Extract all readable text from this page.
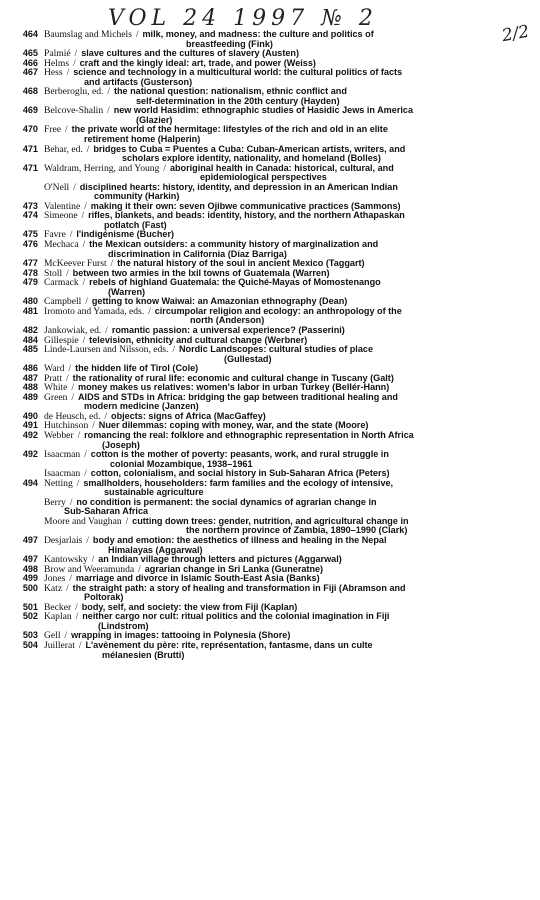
VOL 24 1997 № 2
2/2
464 Baumslag and Michels / milk, money, and madness: the culture and politics of
breastfeeding (Fink)
465 Palmié / slave cultures and the cultures of slavery (Austen)
466 Helms / craft and the kingly ideal: art, trade, and power (Weiss)
467 Hess / science and technology in a multicultural world: the cultural politics of facts
and artifacts (Gusterson)
468 Berberoglu, ed. / the national question: nationalism, ethnic conflict and
self-determination in the 20th century (Hayden)
469 Belcove-Shalin / new world Hasidim: ethnographic studies of Hasidic Jews in America
(Glazier)
470 Free / the private world of the hermitage: lifestyles of the rich and old in an elite
retirement home (Halperin)
471 Behar, ed. / bridges to Cuba = Puentes a Cuba: Cuban-American artists, writers, and
scholars explore identity, nationality, and homeland (Bolles)
471 Waldram, Herring, and Young / aboriginal health in Canada: historical, cultural, and
epidemiological perspectives
O'Nell / disciplined hearts: history, identity, and depression in an American Indian
community (Harkin)
473 Valentine / making it their own: seven Ojibwe communicative practices (Sammons)
474 Simeone / rifles, blankets, and beads: identity, history, and the northern Athapaskan
potlatch (Fast)
475 Favre / l'indigénisme (Bucher)
476 Mechaca / the Mexican outsiders: a community history of marginalization and
discrimination in California (Díaz Barriga)
477 McKeever Furst / the natural history of the soul in ancient Mexico (Taggart)
478 Stoll / between two armies in the Ixil towns of Guatemala (Warren)
479 Carmack / rebels of highland Guatemala: the Quiché-Mayas of Momostenango
(Warren)
480 Campbell / getting to know Waiwai: an Amazonian ethnography (Dean)
481 Iromoto and Yamada, eds. / circumpolar religion and ecology: an anthropology of the
north (Anderson)
482 Jankowiak, ed. / romantic passion: a universal experience? (Passerini)
484 Gillespie / television, ethnicity and cultural change (Werbner)
485 Linde-Laursen and Nilsson, eds. / Nordic Landscopes: cultural studies of place
(Gullestad)
486 Ward / the hidden life of Tirol (Cole)
487 Pratt / the rationality of rural life: economic and cultural change in Tuscany (Galt)
488 White / money makes us relatives: women's labor in urban Turkey (Bellér-Hann)
489 Green / AIDS and STDs in Africa: bridging the gap between traditional healing and
modern medicine (Janzen)
490 de Heusch, ed. / objects: signs of Africa (MacGaffey)
491 Hutchinson / Nuer dilemmas: coping with money, war, and the state (Moore)
492 Webber / romancing the real: folklore and ethnographic representation in North Africa
(Joseph)
492 Isaacman / cotton is the mother of poverty: peasants, work, and rural struggle in
colonial Mozambique, 1938–1961
Isaacman / cotton, colonialism, and social history in Sub-Saharan Africa (Peters)
494 Netting / smallholders, householders: farm families and the ecology of intensive,
sustainable agriculture
Berry / no condition is permanent: the social dynamics of agrarian change in
Sub-Saharan Africa
Moore and Vaughan / cutting down trees: gender, nutrition, and agricultural change in
the northern province of Zambia, 1890–1990 (Clark)
497 Desjarlais / body and emotion: the aesthetics of illness and healing in the Nepal
Himalayas (Aggarwal)
497 Kantowsky / an Indian village through letters and pictures (Aggarwal)
498 Brow and Weeramunda / agrarian change in Sri Lanka (Guneratne)
499 Jones / marriage and divorce in Islamic South-East Asia (Banks)
500 Katz / the straight path: a story of healing and transformation in Fiji (Abramson and
Poltorak)
501 Becker / body, self, and society: the view from Fiji (Kaplan)
502 Kaplan / neither cargo nor cult: ritual politics and the colonial imagination in Fiji
(Lindstrom)
503 Gell / wrapping in images: tattooing in Polynesia (Shore)
504 Juillerat / L'avènement du père: rite, représentation, fantasme, dans un culte
mélanesien (Brutti)
